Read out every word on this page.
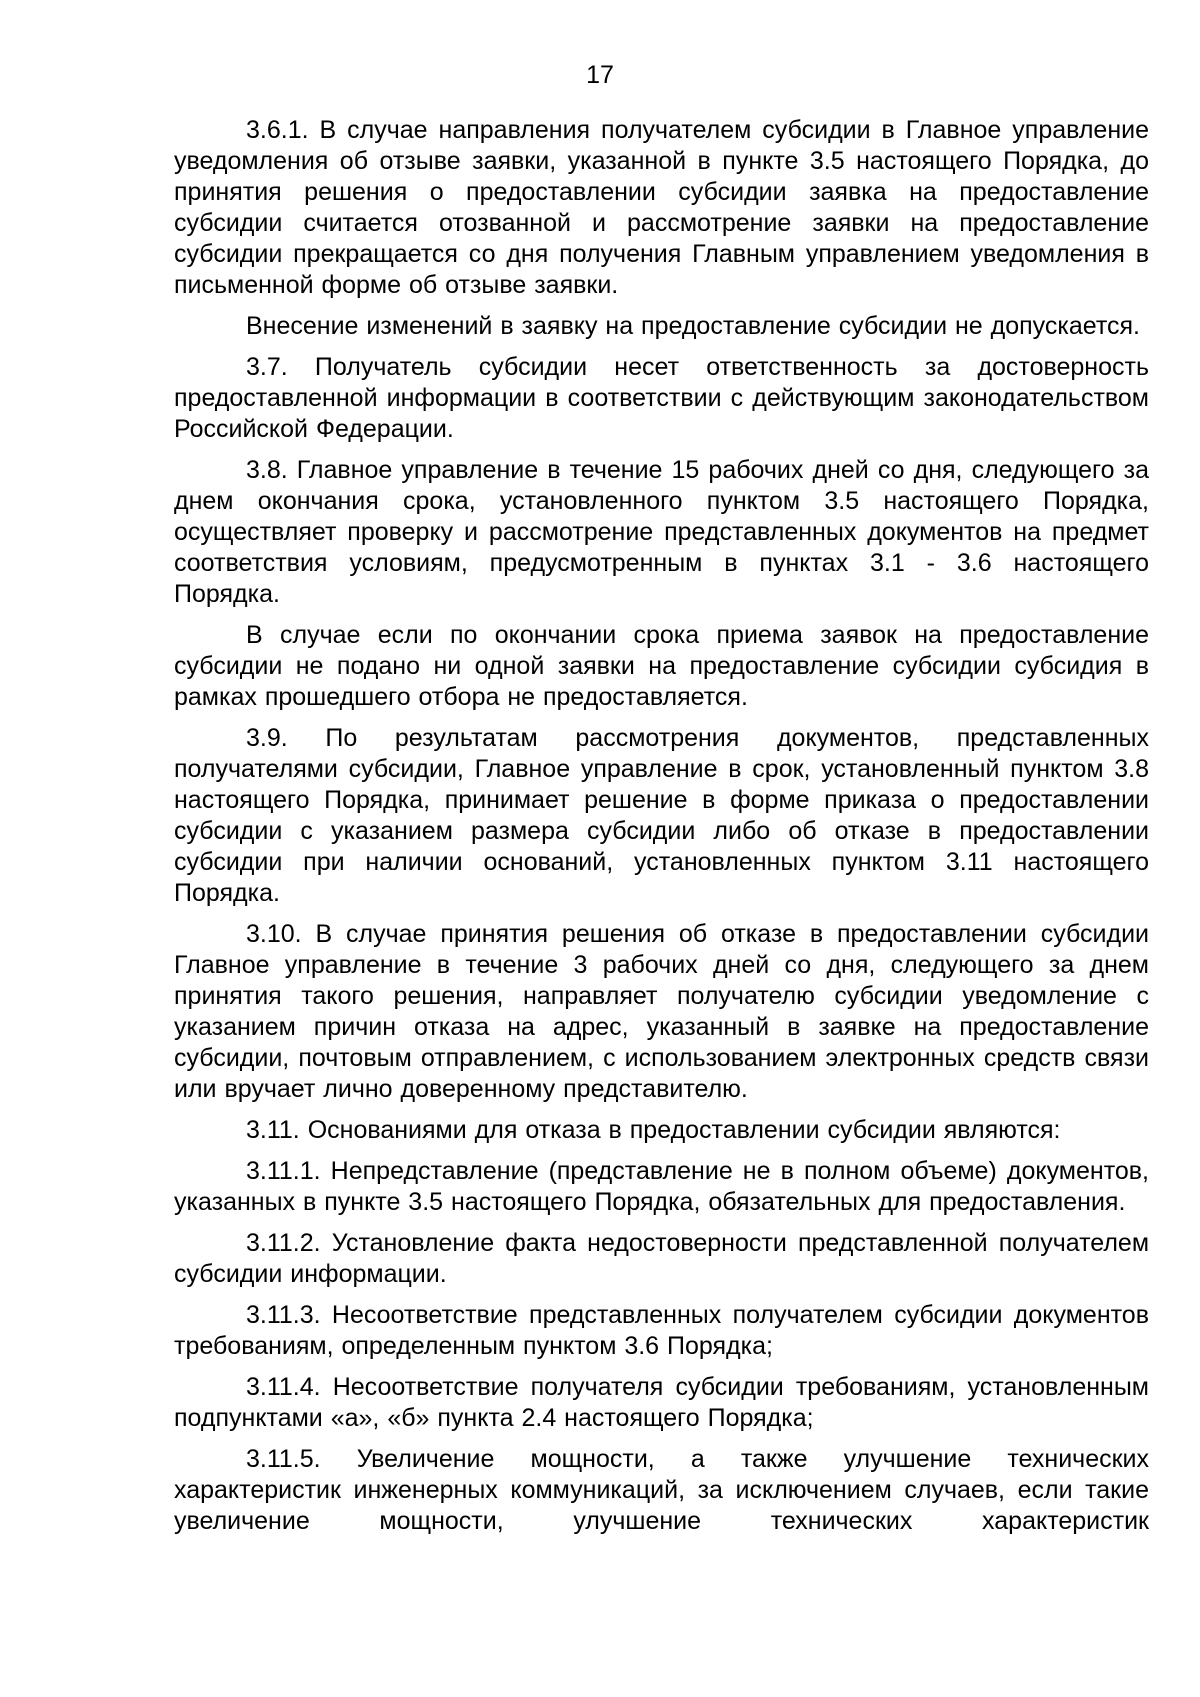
17

3.6.1. В случае направления получателем субсидии в Главное управление уведомления об отзыве заявки, указанной в пункте 3.5 настоящего Порядка, до принятия решения о предоставлении субсидии заявка на предоставление субсидии считается отозванной и рассмотрение заявки на предоставление субсидии прекращается со дня получения Главным управлением уведомления в письменной форме об отзыве заявки.

Внесение изменений в заявку на предоставление субсидии не допускается.

3.7. Получатель субсидии несет ответственность за достоверность предоставленной информации в соответствии с действующим законодательством Российской Федерации.

3.8. Главное управление в течение 15 рабочих дней со дня, следующего за днем окончания срока, установленного пунктом 3.5 настоящего Порядка, осуществляет проверку и рассмотрение представленных документов на предмет соответствия условиям, предусмотренным в пунктах 3.1 - 3.6 настоящего Порядка.

В случае если по окончании срока приема заявок на предоставление субсидии не подано ни одной заявки на предоставление субсидии субсидия в рамках прошедшего отбора не предоставляется.

3.9. По результатам рассмотрения документов, представленных получателями субсидии, Главное управление в срок, установленный пунктом 3.8 настоящего Порядка, принимает решение в форме приказа о предоставлении субсидии с указанием размера субсидии либо об отказе в предоставлении субсидии при наличии оснований, установленных пунктом 3.11 настоящего Порядка.

3.10. В случае принятия решения об отказе в предоставлении субсидии Главное управление в течение 3 рабочих дней со дня, следующего за днем принятия такого решения, направляет получателю субсидии уведомление с указанием причин отказа на адрес, указанный в заявке на предоставление субсидии, почтовым отправлением, с использованием электронных средств связи или вручает лично доверенному представителю.

3.11. Основаниями для отказа в предоставлении субсидии являются:

3.11.1. Непредставление (представление не в полном объеме) документов, указанных в пункте 3.5 настоящего Порядка, обязательных для предоставления.

3.11.2. Установление факта недостоверности представленной получателем субсидии информации.

3.11.3. Несоответствие представленных получателем субсидии документов требованиям, определенным пунктом 3.6 Порядка;

3.11.4. Несоответствие получателя субсидии требованиям, установленным подпунктами «а», «б» пункта 2.4 настоящего Порядка;

3.11.5. Увеличение мощности, а также улучшение технических характеристик инженерных коммуникаций, за исключением случаев, если такие увеличение мощности, улучшение технических характеристик
